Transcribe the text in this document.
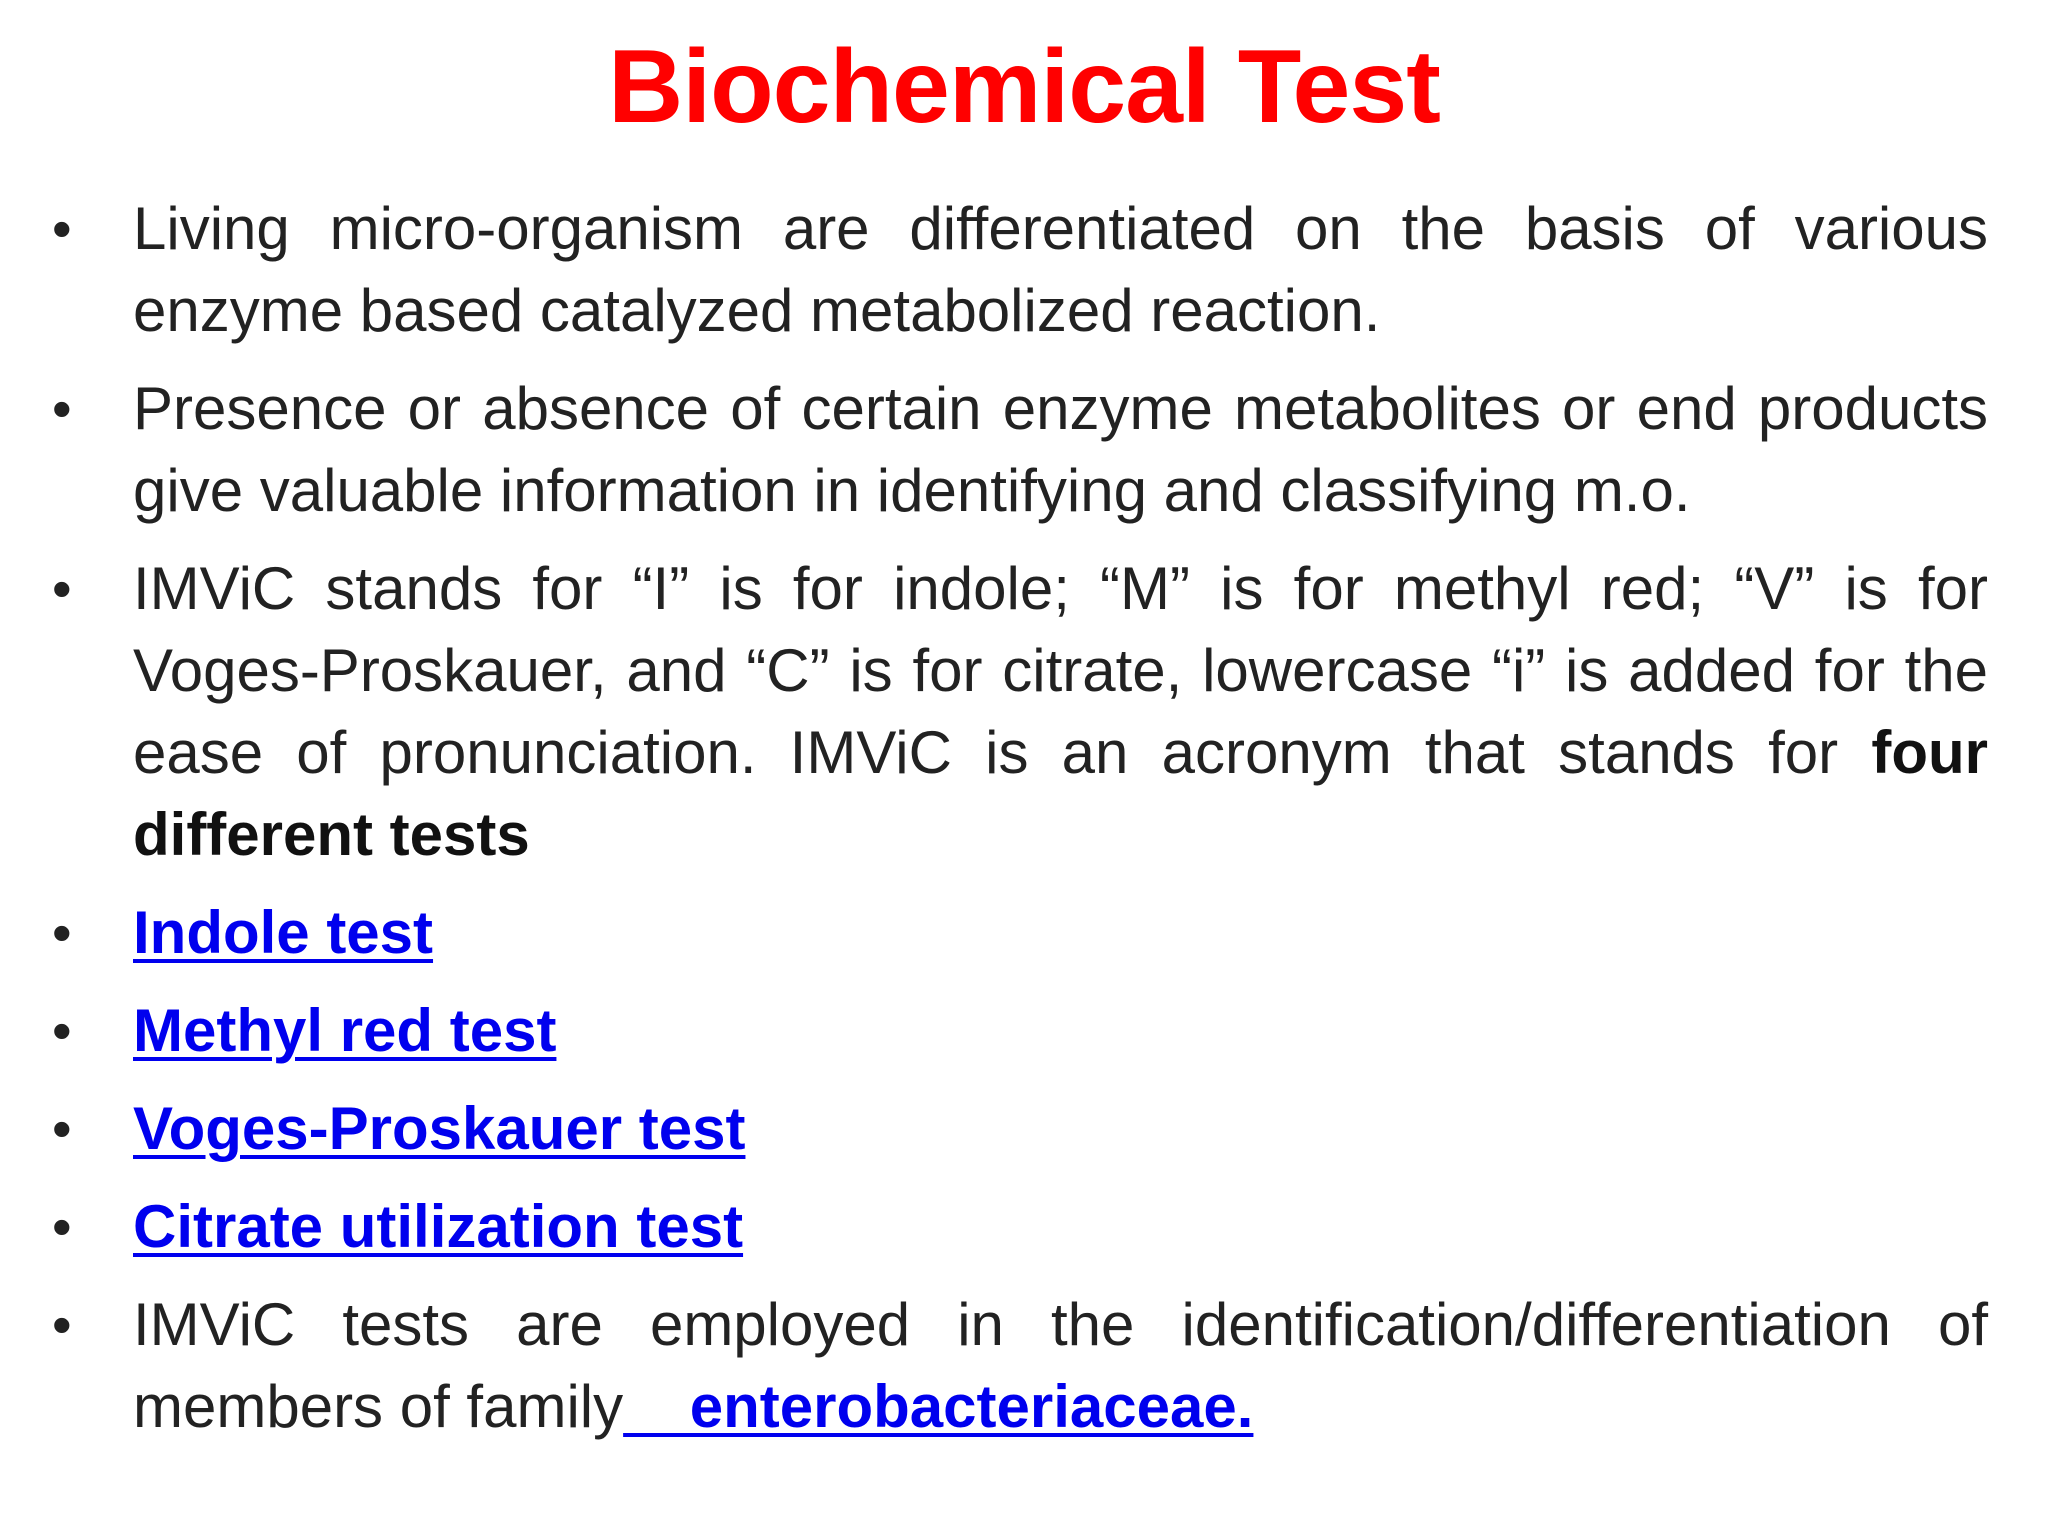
Biochemical Test
• Living micro-organism are differentiated on the basis of various enzyme based catalyzed metabolized reaction.
• Presence or absence of certain enzyme metabolites or end products give valuable information in identifying and classifying m.o.
• IMViC stands for “I” is for indole; “M” is for methyl red; “V” is for Voges-Proskauer, and “C” is for citrate, lowercase “i” is added for the ease of pronunciation. IMViC is an acronym that stands for four different tests
• Indole test
• Methyl red test
• Voges-Proskauer test
• Citrate utilization test
• IMViC tests are employed in the identification/differentiation of members of family    enterobacteriaceae.
